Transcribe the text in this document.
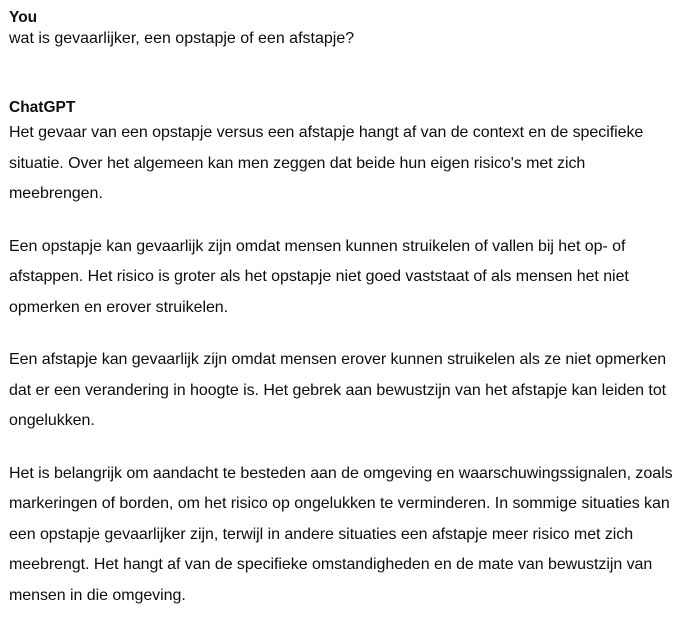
You

wat is gevaarlijker, een opstapje of een afstapje?

ChatGPT

Het gevaar van een opstapje versus een afstapje hangt af van de context en de specifieke situatie. Over het algemeen kan men zeggen dat beide hun eigen risico's met zich meebrengen.

Een opstapje kan gevaarlijk zijn omdat mensen kunnen struikelen of vallen bij het op- of afstappen. Het risico is groter als het opstapje niet goed vaststaat of als mensen het niet opmerken en erover struikelen.

Een afstapje kan gevaarlijk zijn omdat mensen erover kunnen struikelen als ze niet opmerken dat er een verandering in hoogte is. Het gebrek aan bewustzijn van het afstapje kan leiden tot ongelukken.

Het is belangrijk om aandacht te besteden aan de omgeving en waarschuwingssignalen, zoals markeringen of borden, om het risico op ongelukken te verminderen. In sommige situaties kan een opstapje gevaarlijker zijn, terwijl in andere situaties een afstapje meer risico met zich meebrengt. Het hangt af van de specifieke omstandigheden en de mate van bewustzijn van mensen in die omgeving.
